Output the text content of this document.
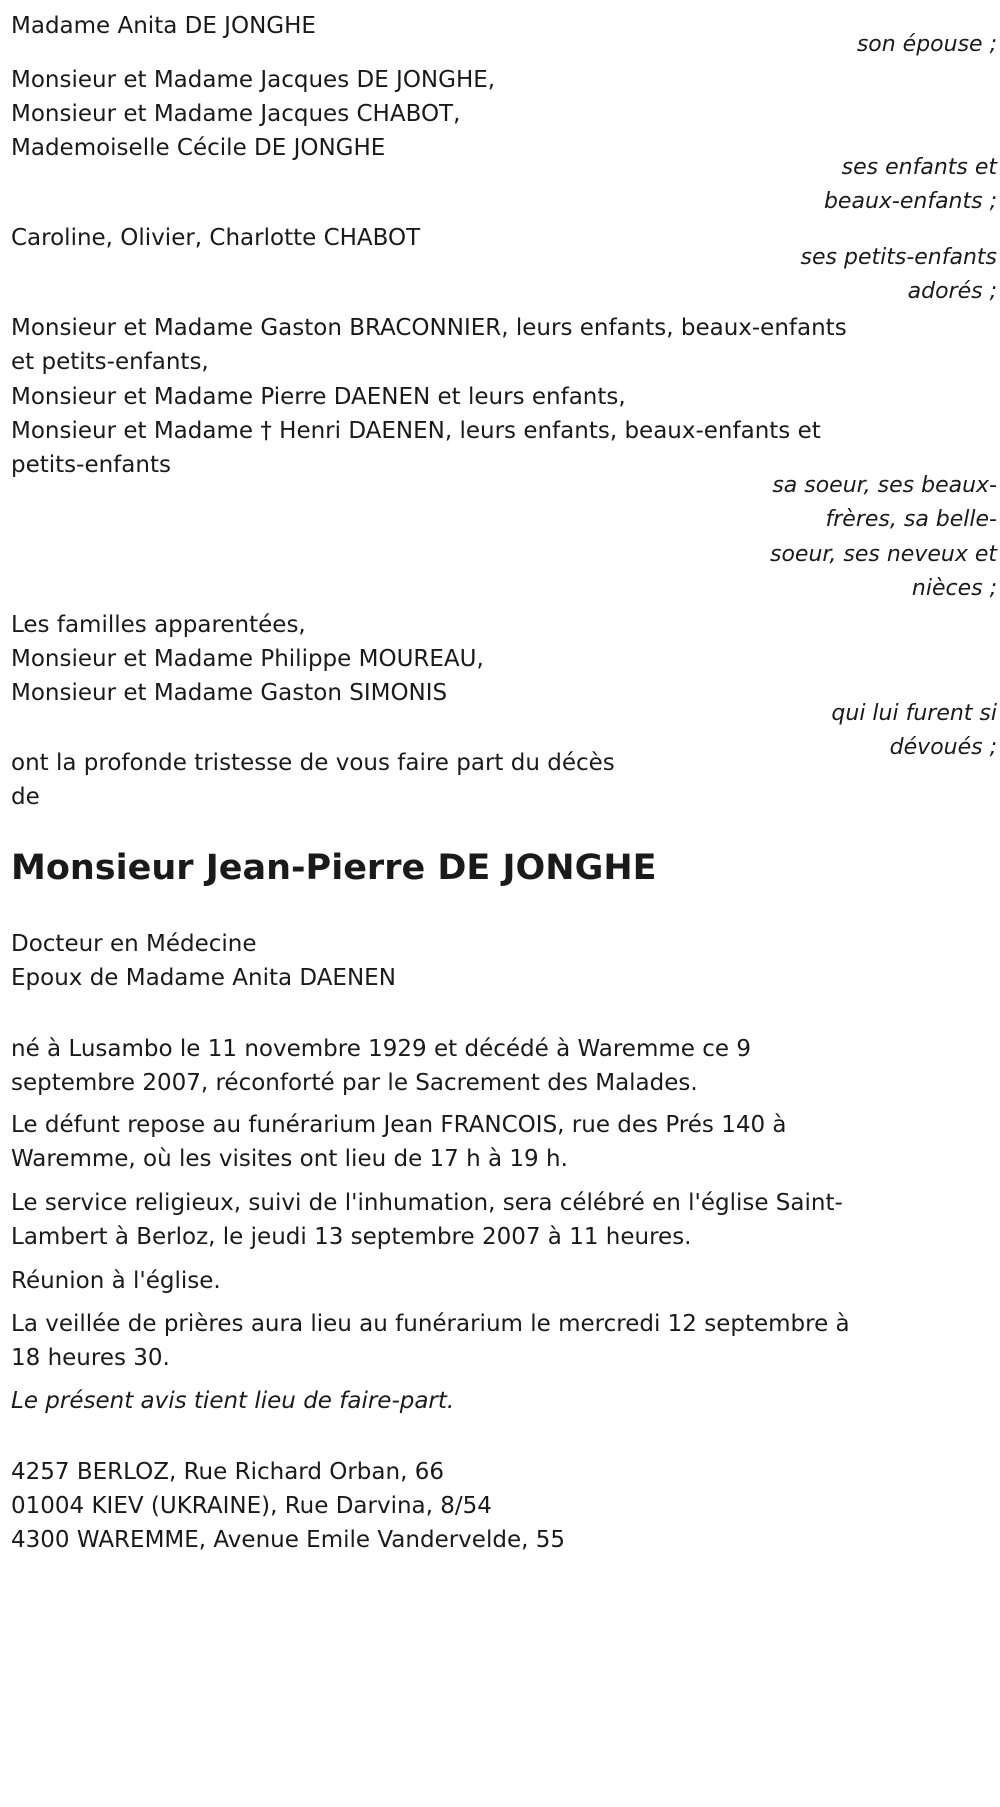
Madame Anita DE JONGHE

son épouse ;

Monsieur et Madame Jacques DE JONGHE,

Monsieur et Madame Jacques CHABOT,

Mademoiselle Cécile DE JONGHE

ses enfants et

beaux-enfants ;

Caroline, Olivier, Charlotte CHABOT

ses petits-enfants

adorés ;

Monsieur et Madame Gaston BRACONNIER, leurs enfants, beaux-enfants

et petits-enfants,

Monsieur et Madame Pierre DAENEN et leurs enfants,

Monsieur et Madame † Henri DAENEN, leurs enfants, beaux-enfants et

petits-enfants

sa soeur, ses beaux-

frères, sa belle-

soeur, ses neveux et

nièces ;

Les familles apparentées,

Monsieur et Madame Philippe MOUREAU,

Monsieur et Madame Gaston SIMONIS

qui lui furent si

dévoués ;

ont la profonde tristesse de vous faire part du décès

de

Monsieur Jean-Pierre DE JONGHE

Docteur en Médecine

Epoux de Madame Anita DAENEN

né à Lusambo le 11 novembre 1929 et décédé à Waremme ce 9

septembre 2007, réconforté par le Sacrement des Malades.

Le défunt repose au funérarium Jean FRANCOIS, rue des Prés 140 à

Waremme, où les visites ont lieu de 17 h à 19 h.

Le service religieux, suivi de l'inhumation, sera célébré en l'église Saint-

Lambert à Berloz, le jeudi 13 septembre 2007 à 11 heures.

Réunion à l'église.

La veillée de prières aura lieu au funérarium le mercredi 12 septembre à

18 heures 30.

Le présent avis tient lieu de faire-part.

4257 BERLOZ, Rue Richard Orban, 66

01004 KIEV (UKRAINE), Rue Darvina, 8/54

4300 WAREMME, Avenue Emile Vandervelde, 55
